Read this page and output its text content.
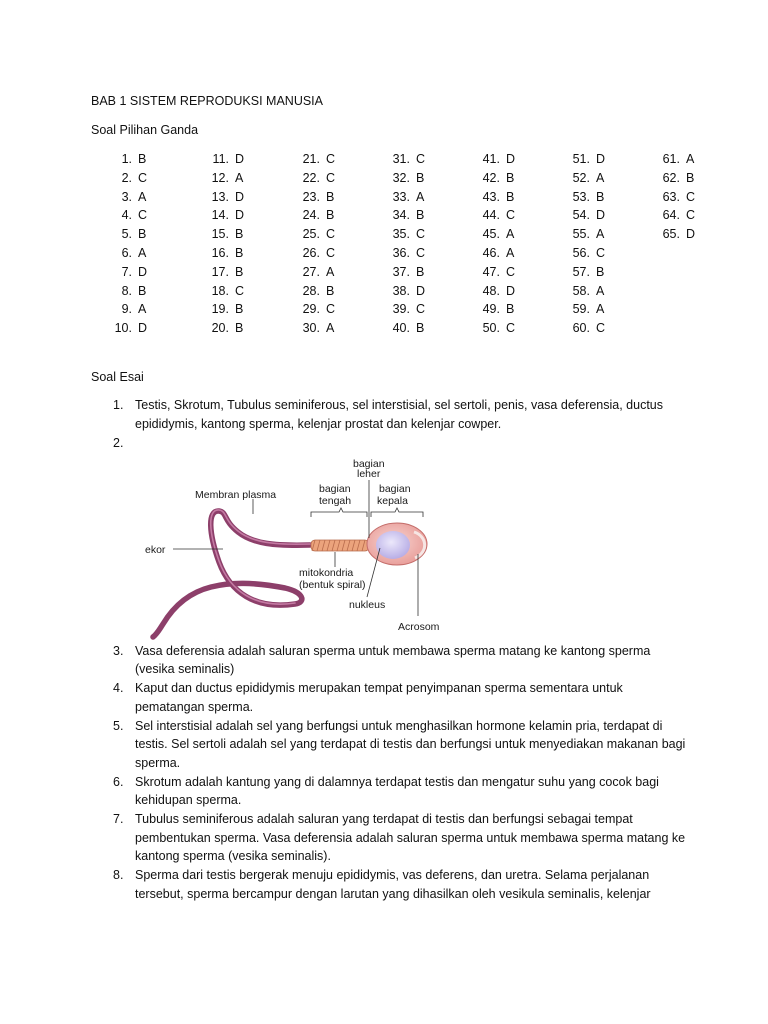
BAB 1 SISTEM REPRODUKSI MANUSIA
Soal Pilihan Ganda
1. B
2. C
3. A
4. C
5. B
6. A
7. D
8. B
9. A
10. D
11. D
12. A
13. D
14. D
15. B
16. B
17. B
18. C
19. B
20. B
21. C
22. C
23. B
24. B
25. C
26. C
27. A
28. B
29. C
30. A
31. C
32. B
33. A
34. B
35. C
36. C
37. B
38. D
39. C
40. B
41. D
42. B
43. B
44. C
45. A
46. A
47. C
48. D
49. B
50. C
51. D
52. A
53. B
54. D
55. A
56. C
57. B
58. A
59. A
60. C
61. A
62. B
63. C
64. C
65. D
Soal Esai
1. Testis, Skrotum, Tubulus seminiferous, sel interstisial, sel sertoli, penis, vasa deferensia, ductus epididymis, kantong sperma, kelenjar prostat dan kelenjar cowper.
2.
3. Vasa deferensia adalah saluran sperma untuk membawa sperma matang ke kantong sperma (vesika seminalis)
4. Kaput dan ductus epididymis merupakan tempat penyimpanan sperma sementara untuk pematangan sperma.
5. Sel interstisial adalah sel yang berfungsi untuk menghasilkan hormone kelamin pria, terdapat di testis. Sel sertoli adalah sel yang terdapat di testis dan berfungsi untuk menyediakan makanan bagi sperma.
6. Skrotum adalah kantung yang di dalamnya terdapat testis dan mengatur suhu yang cocok bagi kehidupan sperma.
7. Tubulus seminiferous adalah saluran yang terdapat di testis dan berfungsi sebagai tempat pembentukan sperma. Vasa deferensia adalah saluran sperma untuk membawa sperma matang ke kantong sperma (vesika seminalis).
8. Sperma dari testis bergerak menuju epididymis, vas deferens, dan uretra. Selama perjalanan tersebut, sperma bercampur dengan larutan yang dihasilkan oleh vesikula seminalis, kelenjar
bagian
leher
bagian
tengah
bagian
kepala
Membran plasma
ekor
mitokondria
(bentuk spiral)
nukleus
Acrosom
